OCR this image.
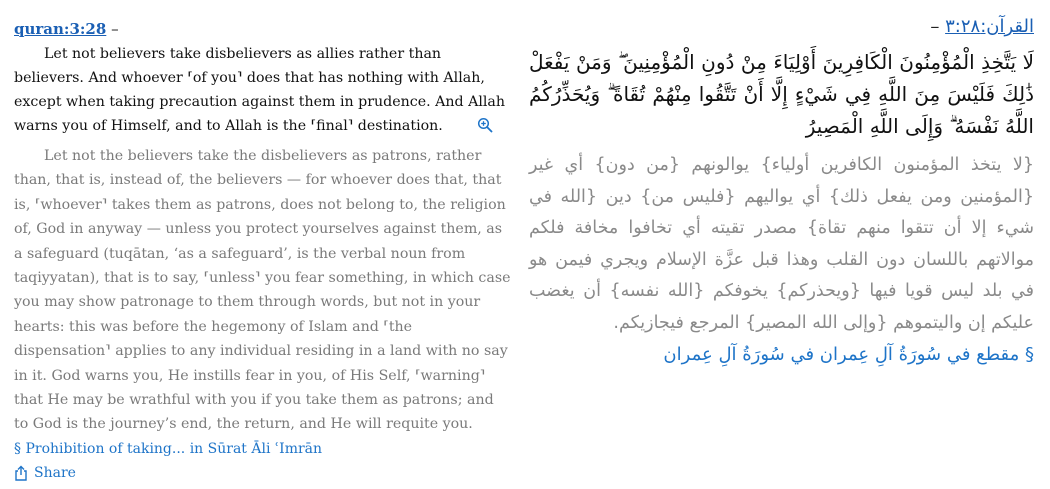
quran:3:28 –

Let not believers take disbelievers as allies rather than believers. And whoever ⸢of you⸣ does that has nothing with Allah, except when taking precaution against them in prudence. And Allah warns you of Himself, and to Allah is the ⸢final⸣ destination.

Let not the believers take the disbelievers as patrons, rather than, that is, instead of, the believers — for whoever does that, that is, ⸢whoever⸣ takes them as patrons, does not belong to, the religion of, God in anyway — unless you protect yourselves against them, as a safeguard (tuqātan, ‘as a safeguard’, is the verbal noun from taqiyyatan), that is to say, ⸢unless⸣ you fear something, in which case you may show patronage to them through words, but not in your hearts: this was before the hegemony of Islam and ⸢the dispensation⸣ applies to any individual residing in a land with no say in it. God warns you, He instills fear in you, of His Self, ⸢warning⸣ that He may be wrathful with you if you take them as patrons; and to God is the journey’s end, the return, and He will requite you.

§ Prohibition of taking... in Sūrat Āli ʿImrān
Share
القرآن:٣:٢٨ –

لَا يَتَّخِذِ الْمُؤْمِنُونَ الْكَافِرِينَ أَوْلِيَاءَ مِنْ دُونِ الْمُؤْمِنِينَ ۖ وَمَنْ يَفْعَلْ ذَٰلِكَ فَلَيْسَ مِنَ اللَّهِ فِي شَيْءٍ إِلَّا أَنْ تَتَّقُوا مِنْهُمْ تُقَاةً ۗ وَيُحَذِّرُكُمُ اللَّهُ نَفْسَهُ ۗ وَإِلَى اللَّهِ الْمَصِيرُ

{لا يتخذ المؤمنون الكافرين أولياء} يوالونهم {من دون} أي غير {المؤمنين ومن يفعل ذلك} أي يواليهم {فليس من} دين {الله في شيء إلا أن تتقوا منهم تقاة} مصدر تقيته أي تخافوا مخافة فلكم موالاتهم باللسان دون القلب وهذا قبل عزَّة الإسلام ويجري فيمن هو في بلد ليس قويا فيها {ويحذركم} يخوفكم {الله نفسه} أن يغضب عليكم إن واليتموهم {وإلى الله المصير} المرجع فيجازيكم.

§ مقطع في سُورَةُ آلِ عِمران في سُورَةُ آلِ عِمران
